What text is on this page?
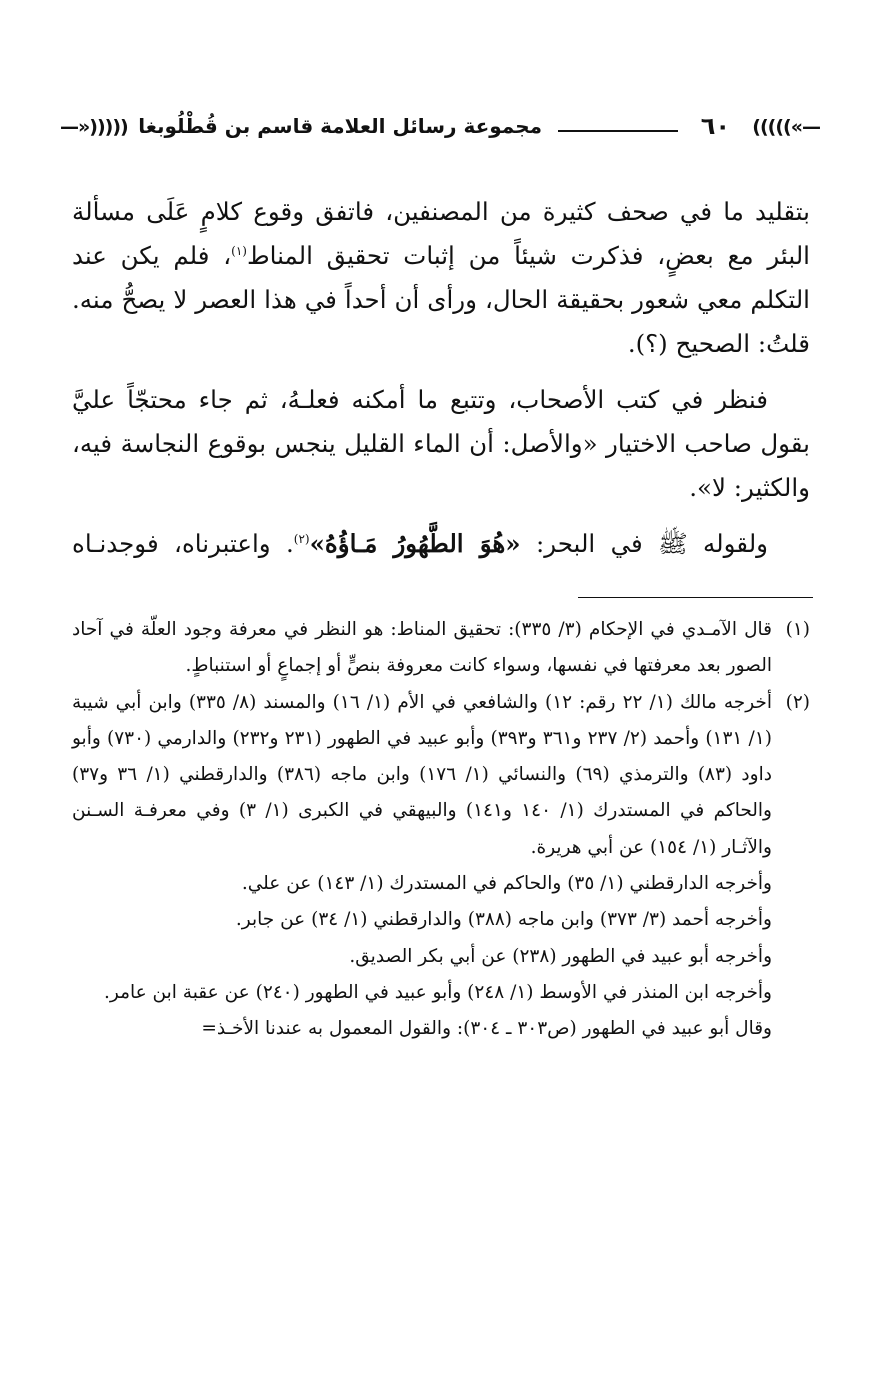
—»)))))
٦٠
مجموعة رسائل العلامة قاسم بن قُطْلُوبغا
(((((«—

بتقليد ما في صحف كثيرة من المصنفين، فاتفق وقوع كلامٍ عَلَى مسألة البئر مع بعضٍ، فذكرت شيئاً من إثبات تحقيق المناط$^{(١)}$، فلم يكن عند التكلم معي شعور بحقيقة الحال، ورأى أن أحداً في هذا العصر لا يصحُّ منه. قلتُ: الصحيح (؟).

فنظر في كتب الأصحاب، وتتبع ما أمكنه فعلـهُ، ثم جاء محتجّاً عليَّ بقول صاحب الاختيار «والأصل: أن الماء القليل ينجس بوقوع النجاسة فيه، والكثير: لا».

ولقوله ﷺ في البحر: «هُوَ الطَّهُورُ مَـاؤُهُ»$^{(٢)}$. واعتبرناه، فوجدنـاه

(١)
قال الآمـدي في الإحكام (٣/ ٣٣٥): تحقيق المناط: هو النظر في معرفة وجود العلّة في آحاد الصور بعد معرفتها في نفسها، وسواء كانت معروفة بنصٍّ أو إجماعٍ أو استنباطٍ.
(٢)
أخرجه مالك (١/ ٢٢ رقم: ١٢) والشافعي في الأم (١/ ١٦) والمسند (٨/ ٣٣٥) وابن أبي شيبة (١/ ١٣١) وأحمد (٢/ ٢٣٧ و٣٦١ و٣٩٣) وأبو عبيد في الطهور (٢٣١ و٢٣٢) والدارمي (٧٣٠) وأبو داود (٨٣) والترمذي (٦٩) والنسائي (١/ ١٧٦) وابن ماجه (٣٨٦) والدارقطني (١/ ٣٦ و٣٧) والحاكم في المستدرك (١/ ١٤٠ و١٤١) والبيهقي في الكبرى (١/ ٣) وفي معرفـة السـنن والآثـار (١/ ١٥٤) عن أبي هريرة.
وأخرجه الدارقطني (١/ ٣٥) والحاكم في المستدرك (١/ ١٤٣) عن علي.
وأخرجه أحمد (٣/ ٣٧٣) وابن ماجه (٣٨٨) والدارقطني (١/ ٣٤) عن جابر.
وأخرجه أبو عبيد في الطهور (٢٣٨) عن أبي بكر الصديق.
وأخرجه ابن المنذر في الأوسط (١/ ٢٤٨) وأبو عبيد في الطهور (٢٤٠) عن عقبة ابن عامر.
وقال أبو عبيد في الطهور (ص٣٠٣ ـ ٣٠٤): والقول المعمول به عندنا الأخـذ=
